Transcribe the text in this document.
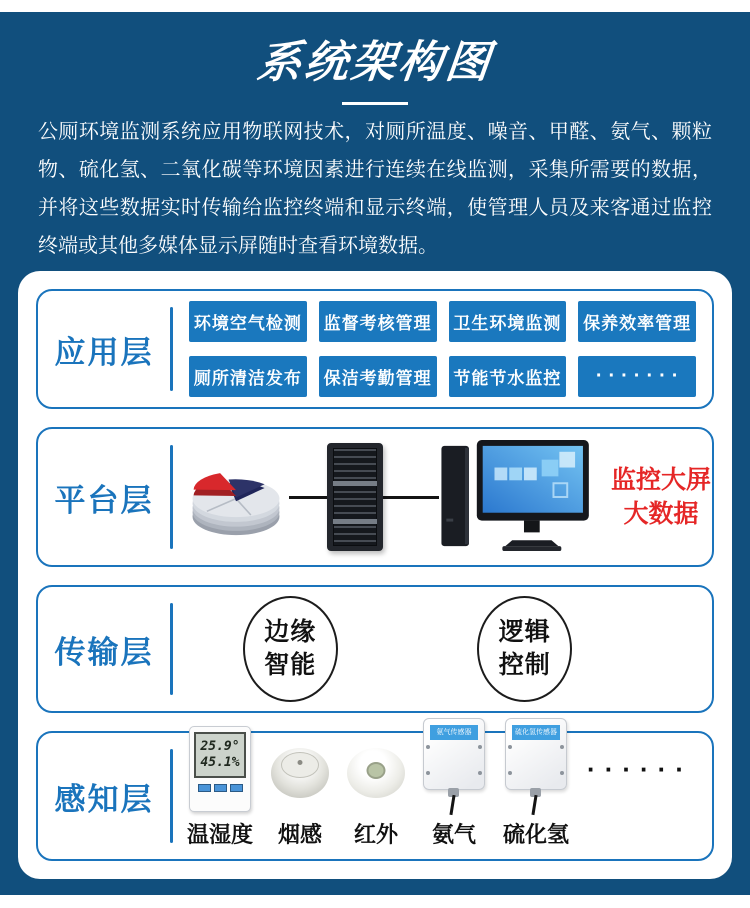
系统架构图

公厕环境监测系统应用物联网技术，对厕所温度、噪音、甲醛、氨气、颗粒物、硫化氢、二氧化碳等环境因素进行连续在线监测，采集所需要的数据，并将这些数据实时传输给监控终端和显示终端，使管理人员及来客通过监控终端或其他多媒体显示屏随时查看环境数据。

应用层
环境空气检测 监督考核管理 卫生环境监测 保养效率管理
厕所清洁发布 保洁考勤管理 节能节水监控	·······
平台层
监控大屏
大数据
传输层
边缘
智能
逻辑
控制
感知层
25.9°
45.1%
温湿度 烟感 红外
氨气传感器
氨气
硫化氢传感器
硫化氢
······
